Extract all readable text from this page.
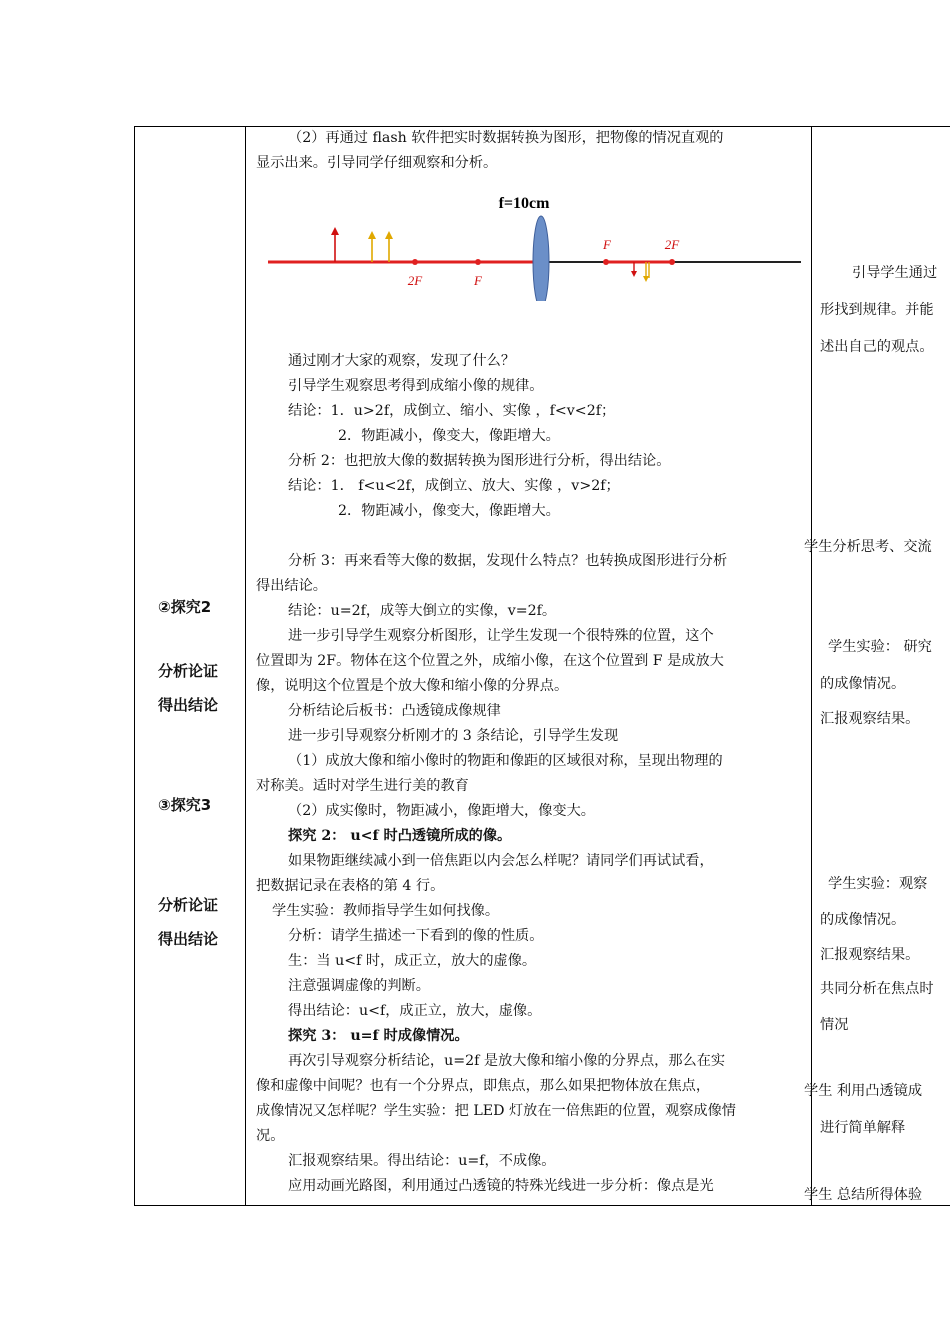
②探究2
分析论证
得出结论
③探究3
分析论证
得出结论

（2）再通过 flash 软件把实时数据转换为图形，把物像的情况直观的

显示出来。引导同学仔细观察和分析。

f=10cm
2F	F
F	2F

通过刚才大家的观察，发现了什么？

引导学生观察思考得到成缩小像的规律。

结论：1．u>2f，成倒立、缩小、实像 ，f<v<2f；

2．物距减小，像变大，像距增大。

分析 2：也把放大像的数据转换为图形进行分析，得出结论。

结论：1． f<u<2f，成倒立、放大、实像 ，v>2f；

2．物距减小，像变大，像距增大。

分析 3：再来看等大像的数据，发现什么特点？也转换成图形进行分析

得出结论。

结论：u=2f，成等大倒立的实像，v=2f。

进一步引导学生观察分析图形，让学生发现一个很特殊的位置，这个

位置即为 2F。物体在这个位置之外，成缩小像，在这个位置到 F 是成放大

像，说明这个位置是个放大像和缩小像的分界点。

分析结论后板书：凸透镜成像规律

进一步引导观察分析刚才的 3 条结论，引导学生发现

（1）成放大像和缩小像时的物距和像距的区域很对称，呈现出物理的

对称美。适时对学生进行美的教育

（2）成实像时，物距减小，像距增大，像变大。

探究 2： u<f 时凸透镜所成的像。

如果物距继续减小到一倍焦距以内会怎么样呢？请同学们再试试看，

把数据记录在表格的第 4 行。

学生实验：教师指导学生如何找像。

分析：请学生描述一下看到的像的性质。

生：当 u<f 时，成正立，放大的虚像。

注意强调虚像的判断。

得出结论：u<f，成正立，放大，虚像。

探究 3： u=f 时成像情况。

再次引导观察分析结论，u=2f 是放大像和缩小像的分界点，那么在实

像和虚像中间呢？也有一个分界点，即焦点，那么如果把物体放在焦点，

成像情况又怎样呢？学生实验：把 LED 灯放在一倍焦距的位置，观察成像情

况。

汇报观察结果。得出结论：u=f，不成像。

应用动画光路图，利用通过凸透镜的特殊光线进一步分析：像点是光

引导学生通过
形找到规律。并能
述出自己的观点。
学生分析思考、交流
学生实验： 研究
的成像情况。
汇报观察结果。
学生实验：观察
的成像情况。
汇报观察结果。
共同分析在焦点时
情况
学生 利用凸透镜成
进行简单解释
学生 总结所得体验
